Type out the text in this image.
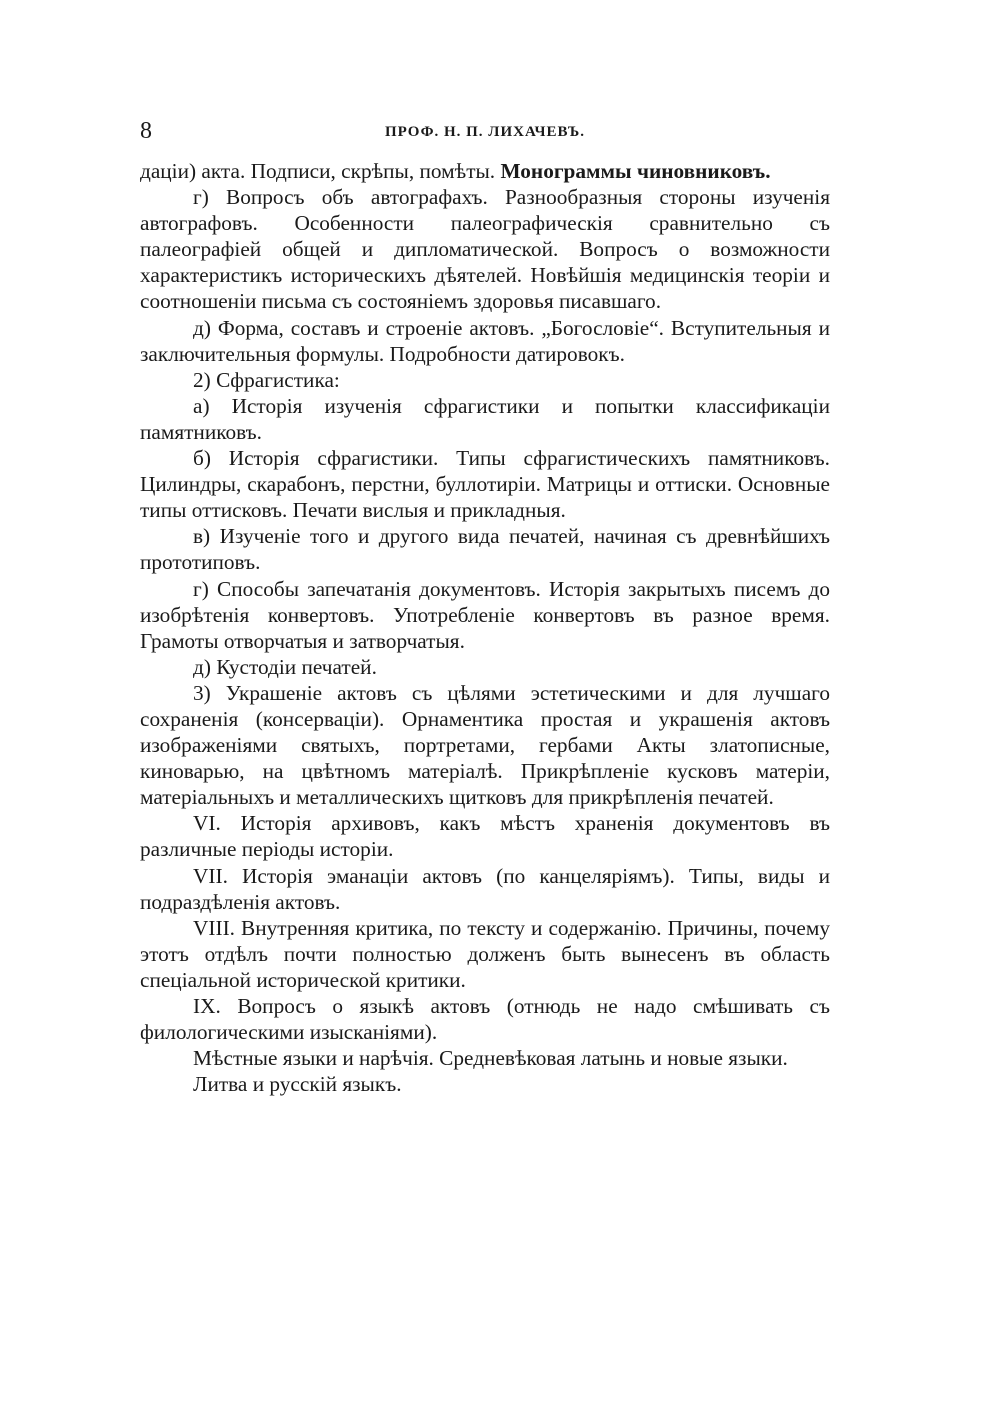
8	ПРОФ. Н. П. ЛИХАЧЕВЪ.

даціи) акта. Подписи, скрѣпы, помѣты. Монограммы чиновниковъ.

г) Вопросъ объ автографахъ. Разнообразныя стороны изученія автографовъ. Особенности палеографическія сравнительно съ палеографіей общей и дипломатической. Вопросъ о возможности характеристикъ историческихъ дѣятелей. Новѣйшія медицинскія теоріи и соотношеніи письма съ состояніемъ здоровья писавшаго.

д) Форма, составъ и строеніе актовъ. „Богословіе“. Вступительныя и заключительныя формулы. Подробности датировокъ.

2) Сфрагистика:

а) Исторія изученія сфрагистики и попытки классификаціи памятниковъ.

б) Исторія сфрагистики. Типы сфрагистическихъ памятниковъ. Цилиндры, скарабонъ, перстни, буллотиріи. Матрицы и оттиски. Основные типы оттисковъ. Печати вислыя и прикладныя.

в) Изученіе того и другого вида печатей, начиная съ древнѣйшихъ прототиповъ.

г) Способы запечатанія документовъ. Исторія закрытыхъ писемъ до изобрѣтенія конвертовъ. Употребленіе конвертовъ въ разное время. Грамоты отворчатыя и затворчатыя.

д) Кустодіи печатей.

3) Украшеніе актовъ съ цѣлями эстетическими и для лучшаго сохраненія (консерваціи). Орнаментика простая и украшенія актовъ изображеніями святыхъ, портретами, гербами Акты златописные, киноварью, на цвѣтномъ матеріалѣ. Прикрѣпленіе кусковъ матеріи, матеріальныхъ и металлическихъ щитковъ для прикрѣпленія печатей.

VI. Исторія архивовъ, какъ мѣстъ храненія документовъ въ различные періоды исторіи.

VII. Исторія эманаціи актовъ (по канцеляріямъ). Типы, виды и подраздѣленія актовъ.

VIII. Внутренняя критика, по тексту и содержанію. Причины, почему этотъ отдѣлъ почти полностью долженъ быть вынесенъ въ область спеціальной исторической критики.

IX. Вопросъ о языкѣ актовъ (отнюдь не надо смѣшивать съ филологическими изысканіями).

Мѣстные языки и нарѣчія. Средневѣковая латынь и новые языки.

Литва и русскій языкъ.
